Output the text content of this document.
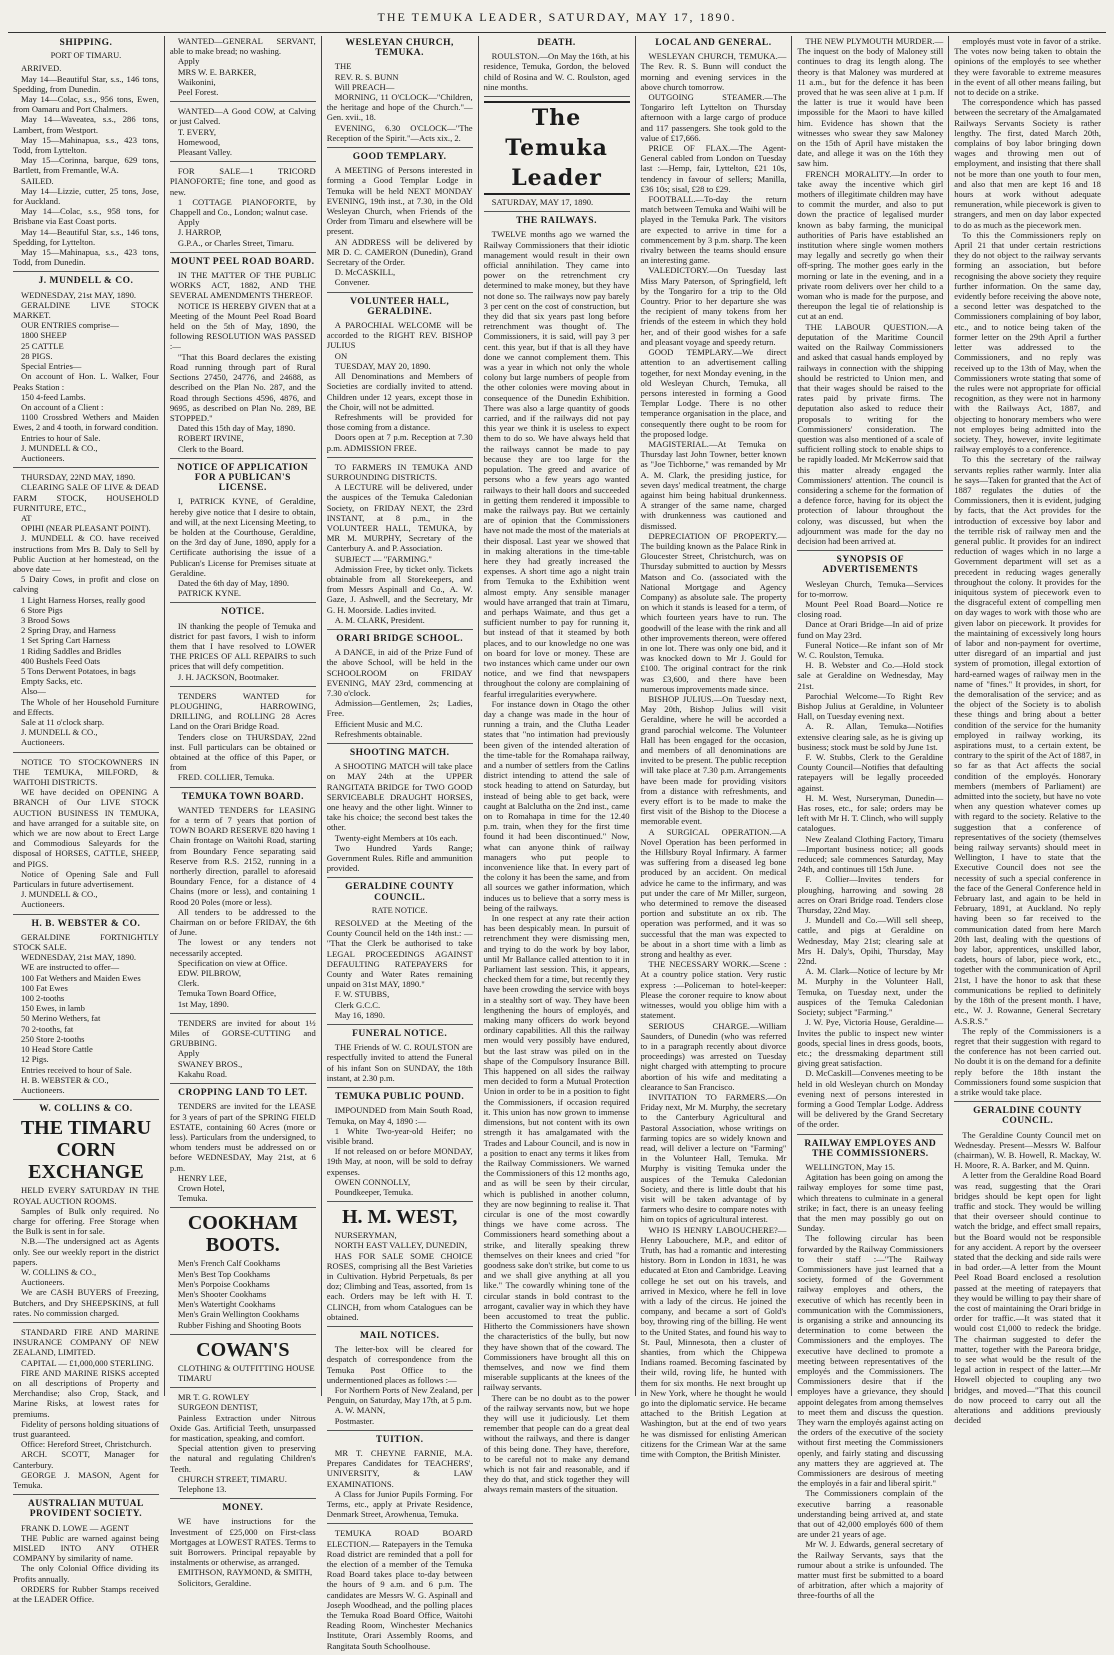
THE TEMUKA LEADER, SATURDAY, MAY 17, 1890.
SHIPPING.
PORT OF TIMARU.

ARRIVED.

May 14—Beautiful Star, s.s., 146 tons, Spedding, from Dunedin.

May 14—Colac, s.s., 956 tons, Ewen, from Oamaru and Port Chalmers.

May 14—Waveatea, s.s., 286 tons, Lambert, from Westport.

May 15—Mahinapua, s.s., 423 tons, Todd, from Lyttelton.

May 15—Corinna, barque, 629 tons, Bartlett, from Fremantle, W.A.

SAILED.

May 14—Lizzie, cutter, 25 tons, Jose, for Auckland.

May 14—Colac, s.s., 958 tons, for Brisbane via East Coast ports.

May 14—Beautiful Star, s.s., 146 tons, Spedding, for Lyttelton.

May 15—Mahinapua, s.s., 423 tons, Todd, from Dunedin.

J. MUNDELL & CO.

WEDNESDAY, 21st MAY, 1890.

GERALDINE LIVE STOCK MARKET.

OUR ENTRIES comprise—

1800 SHEEP

25 CATTLE

28 PIGS.

Special Entries—

On account of Hon. L. Walker, Four Peaks Station :

150 4-feed Lambs.

On account of a Client :

1100 Crossbred Wethers and Maiden Ewes, 2 and 4 tooth, in forward condition.

Entries to hour of Sale.

J. MUNDELL & CO.,

Auctioneers.

THURSDAY, 22ND MAY, 1890.

CLEARING SALE OF LIVE & DEAD FARM STOCK, HOUSEHOLD FURNITURE, ETC.,

AT

OPIHI (NEAR PLEASANT POINT).

J. MUNDELL & CO. have received instructions from Mrs B. Daly to Sell by Public Auction at her homestead, on the above date —

5 Dairy Cows, in profit and close on calving

1 Light Harness Horses, really good

6 Store Pigs

3 Brood Sows

2 Spring Dray, and Harness

1 Set Spring Cart Harness

1 Riding Saddles and Bridles

400 Bushels Feed Oats

5 Tons Derwent Potatoes, in bags

Empty Sacks, etc.

Also—

The Whole of her Household Furniture and Effects.

Sale at 11 o'clock sharp.

J. MUNDELL & CO.,

Auctioneers.

NOTICE TO STOCKOWNERS IN THE TEMUKA, MILFORD, & WAITOHI DISTRICTS.

WE have decided on OPENING A BRANCH of Our LIVE STOCK AUCTION BUSINESS IN TEMUKA, and have arranged for a suitable site, on which we are now about to Erect Large and Commodious Saleyards for the disposal of HORSES, CATTLE, SHEEP, and PIGS.

Notice of Opening Sale and Full Particulars in future advertisement.

J. MUNDELL & CO.,

Auctioneers.

H. B. WEBSTER & CO.

GERALDINE FORTNIGHTLY STOCK SALE.

WEDNESDAY, 21st MAY, 1890.

WE are instructed to offer—

100 Fat Wethers and Maiden Ewes

100 Fat Ewes

100 2-tooths

150 Ewes, in lamb

50 Merino Wethers, fat

70 2-tooths, fat

250 Store 2-tooths

10 Head Store Cattle

12 Pigs.

Entries received to hour of Sale.

H. B. WEBSTER & CO.,

Auctioneers.

W. COLLINS & CO.
THE TIMARU CORN EXCHANGE

HELD EVERY SATURDAY IN THE ROYAL AUCTION ROOMS.

Samples of Bulk only required. No charge for offering. Free Storage when the Bulk is sent in for sale.

N.B.—The undersigned act as Agents only. See our weekly report in the district papers.

W. COLLINS & CO.,

Auctioneers.

We are CASH BUYERS of Freezing, Butchers, and Dry SHEEPSKINS, at full rates. No commission charged.

STANDARD FIRE AND MARINE INSURANCE COMPANY OF NEW ZEALAND, LIMITED.

CAPITAL — £1,000,000 STERLING.

FIRE AND MARINE RISKS accepted on all descriptions of Property and Merchandise; also Crop, Stack, and Marine Risks, at lowest rates for premiums.

Fidelity of persons holding situations of trust guaranteed.

Office: Hereford Street, Christchurch.

ARCH. SCOTT, Manager for Canterbury.

GEORGE J. MASON, Agent for Temuka.

AUSTRALIAN MUTUAL PROVIDENT SOCIETY.

FRANK D. LOWE — AGENT

THE Public are warned against being MISLED INTO ANY OTHER COMPANY by similarity of name.

The only Colonial Office dividing its Profits annually.

ORDERS for Rubber Stamps received at the LEADER Office.

WANTED—GENERAL SERVANT, able to make bread; no washing.

Apply

MRS W. E. BARKER,

Waikonini,

Peel Forest.

WANTED—A Good COW, at Calving or just Calved.

T. EVERY,

Homewood,

Pleasant Valley.

FOR SALE—1 TRICORD PIANOFORTE; fine tone, and good as new.

1 COTTAGE PIANOFORTE, by Chappell and Co., London; walnut case.

Apply

J. HARROP,

G.P.A., or Charles Street, Timaru.

MOUNT PEEL ROAD BOARD.

IN THE MATTER OF THE PUBLIC WORKS ACT, 1882, AND THE SEVERAL AMENDMENTS THEREOF.

NOTICE IS HEREBY GIVEN that at a Meeting of the Mount Peel Road Board held on the 5th of May, 1890, the following RESOLUTION WAS PASSED :—

"That this Board declares the existing Road running through part of Rural Sections 27450, 24776, and 24688, as described on the Plan No. 287, and the Road through Sections 4596, 4876, and 9695, as described on Plan No. 289, BE STOPPED."

Dated this 15th day of May, 1890.

ROBERT IRVINE,

Clerk to the Board.

NOTICE OF APPLICATION FOR A PUBLICAN'S LICENSE.

I, PATRICK KYNE, of Geraldine, hereby give notice that I desire to obtain, and will, at the next Licensing Meeting, to be holden at the Courthouse, Geraldine, on the 3rd day of June, 1890, apply for a Certificate authorising the issue of a Publican's License for Premises situate at Geraldine.

Dated the 6th day of May, 1890.

PATRICK KYNE.

NOTICE.

IN thanking the people of Temuka and district for past favors, I wish to inform them that I have resolved to LOWER THE PRICES OF ALL REPAIRS to such prices that will defy competition.

J. H. JACKSON, Bootmaker.

TENDERS WANTED for PLOUGHING, HARROWING, DRILLING, and ROLLING 28 Acres Land on the Orari Bridge Road.

Tenders close on THURSDAY, 22nd inst. Full particulars can be obtained or obtained at the office of this Paper, or from

FRED. COLLIER, Temuka.

TEMUKA TOWN BOARD.

WANTED TENDERS for LEASING for a term of 7 years that portion of TOWN BOARD RESERVE 820 having 1 Chain frontage on Waitohi Road, starting from Boundary Fence separating said Reserve from R.S. 2152, running in a northerly direction, parallel to aforesaid Boundary Fence, for a distance of 4 Chains (more or less), and containing 1 Rood 20 Poles (more or less).

All tenders to be addressed to the Chairman on or before FRIDAY, the 6th of June.

The lowest or any tenders not necessarily accepted.

Specification on view at Office.

EDW. PILBROW,

Clerk.

Temuka Town Board Office,

1st May, 1890.

TENDERS are invited for about 1½ Miles of GORSE-CUTTING and GRUBBING.

Apply

SWANEY BROS.,

Kakahu Road.

CROPPING LAND TO LET.

TENDERS are invited for the LEASE for 3 years of part of the SPRING FIELD ESTATE, containing 60 Acres (more or less). Particulars from the undersigned, to whom tenders must be addressed on or before WEDNESDAY, May 21st, at 6 p.m.

HENRY LEE,

Crown Hotel,

Temuka.

COOKHAM BOOTS.

Men's French Calf Cookhams

Men's Best Top Cookhams

Men's Porpoise Cookhams

Men's Shooter Cookhams

Men's Watertight Cookhams

Men's Grain Wellington Cookhams

Rubber Fishing and Shooting Boots

COWAN'S

CLOTHING & OUTFITTING HOUSE

TIMARU

MR T. G. ROWLEY

SURGEON DENTIST,

Painless Extraction under Nitrous Oxide Gas. Artificial Teeth, unsurpassed for mastication, speaking, and comfort.

Special attention given to preserving the natural and regulating Children's Teeth.

CHURCH STREET, TIMARU.

Telephone 13.

MONEY.

WE have instructions for the Investment of £25,000 on First-class Mortgages at LOWEST RATES. Terms to suit Borrowers. Principal repayable by instalments or otherwise, as arranged.

EMITHSON, RAYMOND, & SMITH,

Solicitors, Geraldine.

WESLEYAN CHURCH, TEMUKA.

THE

REV. R. S. BUNN

Will PREACH—

MORNING, 11 O'CLOCK—"Children, the heritage and hope of the Church."—Gen. xvii., 18.

EVENING, 6.30 O'CLOCK—"The Reception of the Spirit."—Acts xix., 2.

GOOD TEMPLARY.

A MEETING of Persons interested in forming a Good Templar Lodge in Temuka will be held NEXT MONDAY EVENING, 19th inst., at 7.30, in the Old Wesleyan Church, when Friends of the Order from Timaru and elsewhere will be present.

AN ADDRESS will be delivered by MR D. C. CAMERON (Dunedin), Grand Secretary of the Order.

D. McCASKILL,

Convener.

VOLUNTEER HALL, GERALDINE.

A PAROCHIAL WELCOME will be accorded to the RIGHT REV. BISHOP JULIUS

ON

TUESDAY, MAY 20, 1890.

All Denominations and Members of Societies are cordially invited to attend. Children under 12 years, except those in the Choir, will not be admitted.

Refreshments will be provided for those coming from a distance.

Doors open at 7 p.m. Reception at 7.30 p.m. ADMISSION FREE.

TO FARMERS IN TEMUKA AND SURROUNDING DISTRICTS.

A LECTURE will be delivered, under the auspices of the Temuka Caledonian Society, on FRIDAY NEXT, the 23rd INSTANT, at 8 p.m., in the VOLUNTEER HALL, TEMUKA, by MR M. MURPHY, Secretary of the Canterbury A. and P. Association.

SUBJECT — "FARMING."

Admission Free, by ticket only. Tickets obtainable from all Storekeepers, and from Messrs Aspinall and Co., A. W. Gaze, J. Ashwell, and the Secretary, Mr G. H. Moorside. Ladies invited.

A. M. CLARK, President.

ORARI BRIDGE SCHOOL.

A DANCE, in aid of the Prize Fund of the above School, will be held in the SCHOOLROOM on FRIDAY EVENING, MAY 23rd, commencing at 7.30 o'clock.

Admission—Gentlemen, 2s; Ladies, Free.

Efficient Music and M.C.

Refreshments obtainable.

SHOOTING MATCH.

A SHOOTING MATCH will take place on MAY 24th at the UPPER RANGITATA BRIDGE for TWO GOOD SERVICEABLE DRAUGHT HORSES, one heavy and the other light. Winner to take his choice; the second best takes the other.

Twenty-eight Members at 10s each.

Two Hundred Yards Range; Government Rules. Rifle and ammunition provided.

GERALDINE COUNTY COUNCIL.
RATE NOTICE.

RESOLVED at the Meeting of the County Council held on the 14th inst.: — "That the Clerk be authorised to take LEGAL PROCEEDINGS AGAINST DEFAULTING RATEPAYERS for County and Water Rates remaining unpaid on 31st MAY, 1890."

F. W. STUBBS,

Clerk G.C.C.

May 16, 1890.

FUNERAL NOTICE.

THE Friends of W. C. ROULSTON are respectfully invited to attend the Funeral of his infant Son on SUNDAY, the 18th instant, at 2.30 p.m.

TEMUKA PUBLIC POUND.

IMPOUNDED from Main South Road, Temuka, on May 4, 1890 :—

1 White Two-year-old Heifer; no visible brand.

If not released on or before MONDAY, 19th May, at noon, will be sold to defray expenses.

OWEN CONNOLLY,

Poundkeeper, Temuka.

H. M. WEST,

NURSERYMAN,

NORTH EAST VALLEY, DUNEDIN,

HAS FOR SALE SOME CHOICE ROSES, comprising all the Best Varieties in Cultivation. Hybrid Perpetuals, 8s per doz; Climbing and Teas, assorted, from 1s each. Orders may be left with H. T. CLINCH, from whom Catalogues can be obtained.

MAIL NOTICES.

The letter-box will be cleared for despatch of correspondence from the Temuka Post Office to the undermentioned places as follows :—

For Northern Ports of New Zealand, per Penguin, on Saturday, May 17th, at 5 p.m.

A. W. MANN,

Postmaster.

TUITION.

MR T. CHEYNE FARNIE, M.A. Prepares Candidates for TEACHERS', UNIVERSITY, & LAW EXAMINATIONS.

A Class for Junior Pupils Forming. For Terms, etc., apply at Private Residence, Denmark Street, Arowhenua, Temuka.

TEMUKA ROAD BOARD ELECTION.— Ratepayers in the Temuka Road district are reminded that a poll for the election of a member of the Temuka Road Board takes place to-day between the hours of 9 a.m. and 6 p.m. The candidates are Messrs W. G. Aspinall and Joseph Woodhead, and the polling places the Temuka Road Board Office, Waitohi Reading Room, Winchester Mechanics Institute, Orari Assembly Rooms, and Rangitata South Schoolhouse.

DEATH.

ROULSTON.—On May the 16th, at his residence, Temuka, Gordon, the beloved child of Rosina and W. C. Roulston, aged nine months.

The Temuka Leader

SATURDAY, MAY 17, 1890.

THE RAILWAYS.

TWELVE months ago we warned the Railway Commissioners that their idiotic management would result in their own official annihilation. They came into power on the retrenchment cry determined to make money, but they have not done so. The railways now pay barely 3 per cent on the cost of construction, but they did that six years past long before retrenchment was thought of. The Commissioners, it is said, will pay 3 per cent. this year, but if that is all they have done we cannot complement them. This was a year in which not only the whole colony but large numbers of people from the other colonies were moving about in consequence of the Dunedin Exhibition. There was also a large quantity of goods carried, and if the railways did not pay this year we think it is useless to expect them to do so. We have always held that the railways cannot be made to pay because they are too large for the population. The greed and avarice of persons who a few years ago wanted railways to their hall doors and succeeded in getting them rendered it impossible to make the railways pay. But we certainly are of opinion that the Commissioners have not made the most of the materials at their disposal. Last year we showed that in making alterations in the time-table here they had greatly increased the expenses. A short time ago a night train from Temuka to the Exhibition went almost empty. Any sensible manager would have arranged that train at Timaru, and perhaps Waimate, and thus get a sufficient number to pay for running it, but instead of that it steamed by both places, and to our knowledge no one was on board for love or money. These are two instances which came under our own notice, and we find that newspapers throughout the colony are complaining of fearful irregularities everywhere.

For instance down in Otago the other day a change was made in the hour of running a train, and the Clutha Leader states that "no intimation had previously been given of the intended alteration of the time-table for the Romahapa railway, and a number of settlers from the Catlins district intending to attend the sale of stock heading to attend on Saturday, but instead of being able to get back, were caught at Balclutha on the 2nd inst., came on to Romahapa in time for the 12.40 p.m. train, when they for the first time found it had been discontinued." Now, what can anyone think of railway managers who put people to inconvenience like that. In every part of the colony it has been the same, and from all sources we gather information, which induces us to believe that a sorry mess is being of the railways.

In one respect at any rate their action has been despicably mean. In pursuit of retrenchment they were dismissing men, and trying to do the work by boy labor, until Mr Ballance called attention to it in Parliament last session. This, it appears, checked them for a time, but recently they have been crowding the service with boys in a stealthy sort of way. They have been lengthening the hours of employés, and making many officers do work beyond ordinary capabilities. All this the railway men would very possibly have endured, but the last straw was piled on in the shape of the Compulsory Insurance Bill. This happened on all sides the railway men decided to form a Mutual Protection Union in order to be in a position to fight the Commissioners, if occasion required it. This union has now grown to immense dimensions, but not content with its own strength it has amalgamated with the Trades and Labour Council, and is now in a position to enact any terms it likes from the Railway Commissioners. We warned the Commissioners of this 12 months ago, and as will be seen by their circular, which is published in another column, they are now beginning to realise it. That circular is one of the most cowardly things we have come across. The Commissioners heard something about a strike, and literally speaking threw themselves on their knees and cried "for goodness sake don't strike, but come to us and we shall give anything at all you like." The cowardly whining tone of the circular stands in bold contrast to the arrogant, cavalier way in which they have been accustomed to treat the public. Hitherto the Commissioners have shown the characteristics of the bully, but now they have shown that of the coward. The Commissioners have brought all this on themselves, and now we find them miserable supplicants at the knees of the railway servants.

There can be no doubt as to the power of the railway servants now, but we hope they will use it judiciously. Let them remember that people can do a great deal without the railways, and there is danger of this being done. They have, therefore, to be careful not to make any demand which is not fair and reasonable, and if they do that, and stick together they will always remain masters of the situation.

LOCAL AND GENERAL.

WESLEYAN CHURCH, TEMUKA.—The Rev. R. S. Bunn will conduct the morning and evening services in the above church tomorrow.

OUTGOING STEAMER.—The Tongariro left Lyttelton on Thursday afternoon with a large cargo of produce and 117 passengers. She took gold to the value of £17,666.

PRICE OF FLAX.—The Agent-General cabled from London on Tuesday last :—Hemp, fair, Lyttelton, £21 10s, tendency in favour of sellers; Manilla, £36 10s; sisal, £28 to £29.

FOOTBALL.—To-day the return match between Temuka and Waihi will be played in the Temuka Park. The visitors are expected to arrive in time for a commencement by 3 p.m. sharp. The keen rivalry between the teams should ensure an interesting game.

VALEDICTORY.—On Tuesday last Miss Mary Paterson, of Springfield, left by the Tongariro for a trip to the Old Country. Prior to her departure she was the recipient of many tokens from her friends of the esteem in which they hold her, and of their good wishes for a safe and pleasant voyage and speedy return.

GOOD TEMPLARY.—We direct attention to an advertisement calling together, for next Monday evening, in the old Wesleyan Church, Temuka, all persons interested in forming a Good Templar Lodge. There is no other temperance organisation in the place, and consequently there ought to be room for the proposed lodge.

MAGISTERIAL.—At Temuka on Thursday last John Towner, better known as "Joe Tichborne," was remanded by Mr A. M. Clark, the presiding justice, for seven days' medical treatment, the charge against him being habitual drunkenness. A stranger of the same name, charged with drunkenness was cautioned and dismissed.

DEPRECIATION OF PROPERTY.—The building known as the Palace Rink in Gloucester Street, Christchurch, was on Thursday submitted to auction by Messrs Matson and Co. (associated with the National Mortgage and Agency Company) as absolute sale. The property on which it stands is leased for a term, of which fourteen years have to run. The goodwill of the lease with the rink and all other improvements thereon, were offered in one lot. There was only one bid, and it was knocked down to Mr J. Gould for £100. The original contract for the rink was £3,600, and there have been numerous improvements made since.

BISHOP JULIUS.—On Tuesday next, May 20th, Bishop Julius will visit Geraldine, where he will be accorded a grand parochial welcome. The Volunteer Hall has been engaged for the occasion, and members of all denominations are invited to be present. The public reception will take place at 7.30 p.m. Arrangements have been made for providing visitors from a distance with refreshments, and every effort is to be made to make the first visit of the Bishop to the Diocese a memorable event.

A SURGICAL OPERATION.—A Novel Operation has been performed in the Hillsbury Royal Infirmary. A farmer was suffering from a diseased leg bone produced by an accident. On medical advice he came to the infirmary, and was put under the care of Mr Miller, surgeon, who determined to remove the diseased portion and substitute an ox rib. The operation was performed, and it was so successful that the man was expected to be about in a short time with a limb as strong and healthy as ever.

THE NECESSARY WORK.—Scene : At a country police station. Very rustic express :—Policeman to hotel-keeper: Please the coroner require to know about witnesses, would you oblige him with a statement.

SERIOUS CHARGE.—William Saunders, of Dunedin (who was referred to in a paragraph recently about divorce proceedings) was arrested on Tuesday night charged with attempting to procure abortion of his wife and meditating a clearance to San Francisco.

INVITATION TO FARMERS.—On Friday next, Mr M. Murphy, the secretary to the Canterbury Agricultural and Pastoral Association, whose writings on farming topics are so widely known and read, will deliver a lecture on "Farming" in the Volunteer Hall, Temuka. Mr Murphy is visiting Temuka under the auspices of the Temuka Caledonian Society, and there is little doubt that his visit will be taken advantage of by farmers who desire to compare notes with him on topics of agricultural interest.

WHO IS HENRY LABOUCHERE?—Henry Labouchere, M.P., and editor of Truth, has had a romantic and interesting history. Born in London in 1831, he was educated at Eton and Cambridge. Leaving college he set out on his travels, and arrived in Mexico, where he fell in love with a lady of the circus. He joined the company, and became a sort of Gold's boy, throwing ring of the billing. He went to the United States, and found his way to St. Paul, Minnesota, then a cluster of shanties, from which the Chippewa Indians roamed. Becoming fascinated by their wild, roving life, he hunted with them for six months. He next brought up in New York, where he thought he would go into the diplomatic service. He became attached to the British Legation at Washington, but at the end of two years he was dismissed for enlisting American citizens for the Crimean War at the same time with Compton, the British Minister.

THE NEW PLYMOUTH MURDER.—The inquest on the body of Maloney still continues to drag its length along. The theory is that Maloney was murdered at 11 a.m., but for the defence it has been proved that he was seen alive at 1 p.m. If the latter is true it would have been impossible for the Maori to have killed him. Evidence has shown that the witnesses who swear they saw Maloney on the 15th of April have mistaken the date, and allege it was on the 16th they saw him.

FRENCH MORALITY.—In order to take away the incentive which girl mothers of illegitimate children may have to commit the murder, and also to put down the practice of legalised murder known as baby farming, the municipal authorities of Paris have established an institution where single women mothers may legally and secretly go when their off-spring. The mother goes early in the morning or late in the evening, and in a private room delivers over her child to a woman who is made for the purpose, and thereupon the legal tie of relationship is cut at an end.

THE LABOUR QUESTION.—A deputation of the Maritime Council waited on the Railway Commissioners and asked that casual hands employed by railways in connection with the shipping should be restricted to Union men, and that their wages should be raised to the rates paid by private firms. The deputation also asked to reduce their proposals to writing for the Commissioners' consideration. The question was also mentioned of a scale of sufficient rolling stock to enable ships to be rapidly loaded. Mr McKerrow said that this matter already engaged the Commissioners' attention. The council is considering a scheme for the formation of a defence force, having for its object the protection of labour throughout the colony, was discussed, but when the adjournment was made for the day no decision had been arrived at.

SYNOPSIS OF ADVERTISEMENTS

Wesleyan Church, Temuka—Services for to-morrow.

Mount Peel Road Board—Notice re closing road.

Dance at Orari Bridge—In aid of prize fund on May 23rd.

Funeral Notice—Re infant son of Mr W. C. Roulston, Temuka.

H. B. Webster and Co.—Hold stock sale at Geraldine on Wednesday, May 21st.

Parochial Welcome—To Right Rev Bishop Julius at Geraldine, in Volunteer Hall, on Tuesday evening next.

A. R. Allan, Temuka—Notifies extensive clearing sale, as he is giving up business; stock must be sold by June 1st.

F. W. Stubbs, Clerk to the Geraldine County Council—Notifies that defaulting ratepayers will be legally proceeded against.

H. M. West, Nurseryman, Dunedin—Has roses, etc., for sale; orders may be left with Mr H. T. Clinch, who will supply catalogues.

New Zealand Clothing Factory, Timaru—Important business notice; all goods reduced; sale commences Saturday, May 24th, and continues till 15th June.

F. Collier—Invites tenders for ploughing, harrowing and sowing 28 acres on Orari Bridge road. Tenders close Thursday, 22nd May.

J. Mundell and Co.—Will sell sheep, cattle, and pigs at Geraldine on Wednesday, May 21st; clearing sale at Mrs H. Daly's, Opihi, Thursday, May 22nd.

A. M. Clark—Notice of lecture by Mr M. Murphy in the Volunteer Hall, Temuka, on Tuesday next, under the auspices of the Temuka Caledonian Society; subject "Farming."

J. W. Pye, Victoria House, Geraldine—Invites the public to inspect new winter goods, special lines in dress goods, boots, etc.; the dressmaking department still giving great satisfaction.

D. McCaskill—Convenes meeting to be held in old Wesleyan church on Monday evening next of persons interested in forming a Good Templar Lodge. Address will be delivered by the Grand Secretary of the order.

RAILWAY EMPLOYES AND THE COMMISSIONERS.

WELLINGTON, May 15.

Agitation has been going on among the railway employes for some time past, which threatens to culminate in a general strike; in fact, there is an uneasy feeling that the men may possibly go out on Sunday.

The following circular has been forwarded by the Railway Commissioners to their staff :—"The Railway Commissioners have just learned that a society, formed of the Government railway employes and others, the executive of which has recently been in communication with the Commissioners, is organising a strike and announcing its determination to come between the Commissioners and the employes. The executive have declined to promote a meeting between representatives of the employés and the Commissioners. The Commissioners desire that if the employes have a grievance, they should appoint delegates from among themselves to meet them and discuss the question. They warn the employés against acting on the orders of the executive of the society without first meeting the Commissioners openly, and fairly stating and discussing any matters they are aggrieved at. The Commissioners are desirous of meeting the employés in a fair and liberal spirit."

The Commissioners complain of the executive barring a reasonable understanding being arrived at, and state that out of 42,000 employés 600 of them are under 21 years of age.

Mr W. J. Edwards, general secretary of the Railway Servants, says that the rumour about a strike is unfounded. The matter must first be submitted to a board of arbitration, after which a majority of three-fourths of all the

employés must vote in favor of a strike. The votes now being taken to obtain the opinions of the employés to see whether they were favorable to extreme measures in the event of all other means failing, but not to decide on a strike.

The correspondence which has passed between the secretary of the Amalgamated Railways Servants Society is rather lengthy. The first, dated March 20th, complains of boy labor bringing down wages and throwing men out of employment, and insisting that there shall not be more than one youth to four men, and also that men are kept 16 and 18 hours at work without adequate remuneration, while piecework is given to strangers, and men on day labor expected to do as much as the piecework men.

To this the Commissioners reply on April 21 that under certain restrictions they do not object to the railway servants forming an association, but before recognising the above society they require further information. On the same day, evidently before receiving the above note, a second letter was despatched to the Commissioners complaining of boy labor, etc., and to notice being taken of the former letter on the 29th April a further letter was addressed to the Commissioners, and no reply was received up to the 13th of May, when the Commissioners wrote stating that some of the rules were not appropriate for official recognition, as they were not in harmony with the Railways Act, 1887, and objecting to honorary members who were not employes being admitted into the society. They, however, invite legitimate railway employés to a conference.

To this the secretary of the railway servants replies rather warmly. Inter alia he says—Taken for granted that the Act of 1887 regulates the duties of the Commissioners, then it is evident, judging by facts, that the Act provides for the introduction of excessive boy labor and the terrible risk of railway men and the general public. It provides for an indirect reduction of wages which in no large a Government department will set as a precedent in reducing wages generally throughout the colony. It provides for the iniquitous system of piecework even to the disgraceful extent of compelling men on day wages to work with those who are given labor on piecework. It provides for the maintaining of excessively long hours of labor and non-payment for overtime, utter disregard of an impartial and just system of promotion, illegal extortion of hard-earned wages of railway men in the name of "fines." It provides, in short, for the demoralisation of the service; and as the object of the Society is to abolish these things and bring about a better condition of the service for the humanity employed in railway working, its aspirations must, to a certain extent, be contrary to the spirit of the Act of 1887, in so far as that Act affects the social condition of the employés. Honorary members (members of Parliament) are admitted into the society, but have no vote when any question whatever comes up with regard to the society. Relative to the suggestion that a conference of representatives of the society (themselves being railway servants) should meet in Wellington, I have to state that the Executive Council does not see the necessity of such a special conference in the face of the General Conference held in February last, and again to be held in February, 1891, at Auckland. No reply having been so far received to the communication dated from here March 20th last, dealing with the questions of boy labor, apprentices, unskilled labor, cadets, hours of labor, piece work, etc., together with the communication of April 21st, I have the honor to ask that these communications be replied to definitely by the 18th of the present month. I have, etc., W. J. Rowanne, General Secretary A.S.R.S."

The reply of the Commissioners is a regret that their suggestion with regard to the conference has not been carried out. No doubt it is on the demand for a definite reply before the 18th instant the Commissioners found some suspicion that a strike would take place.

GERALDINE COUNTY COUNCIL.

The Geraldine County Council met on Wednesday. Present—Messrs W. Balfour (chairman), W. B. Howell, R. Mackay, W. H. Moore, R. A. Barker, and M. Quinn.

A letter from the Geraldine Road Board was read, suggesting that the Orari bridges should be kept open for light traffic and stock. They would be willing that their overseer should continue to watch the bridge, and effect small repairs, but the Board would not be responsible for any accident. A report by the overseer stated that the decking and side rails were in bad order.—A letter from the Mount Peel Road Board enclosed a resolution passed at the meeting of ratepayers that they would be willing to pay their share of the cost of maintaining the Orari bridge in order for traffic.—It was stated that it would cost £1,000 to redeck the bridge. The chairman suggested to defer the matter, together with the Pareora bridge, to see what would be the result of the legal action in respect of the latter.—Mr Howell objected to coupling any two bridges, and moved—"That this council do now proceed to carry out all the alterations and additions previously decided
